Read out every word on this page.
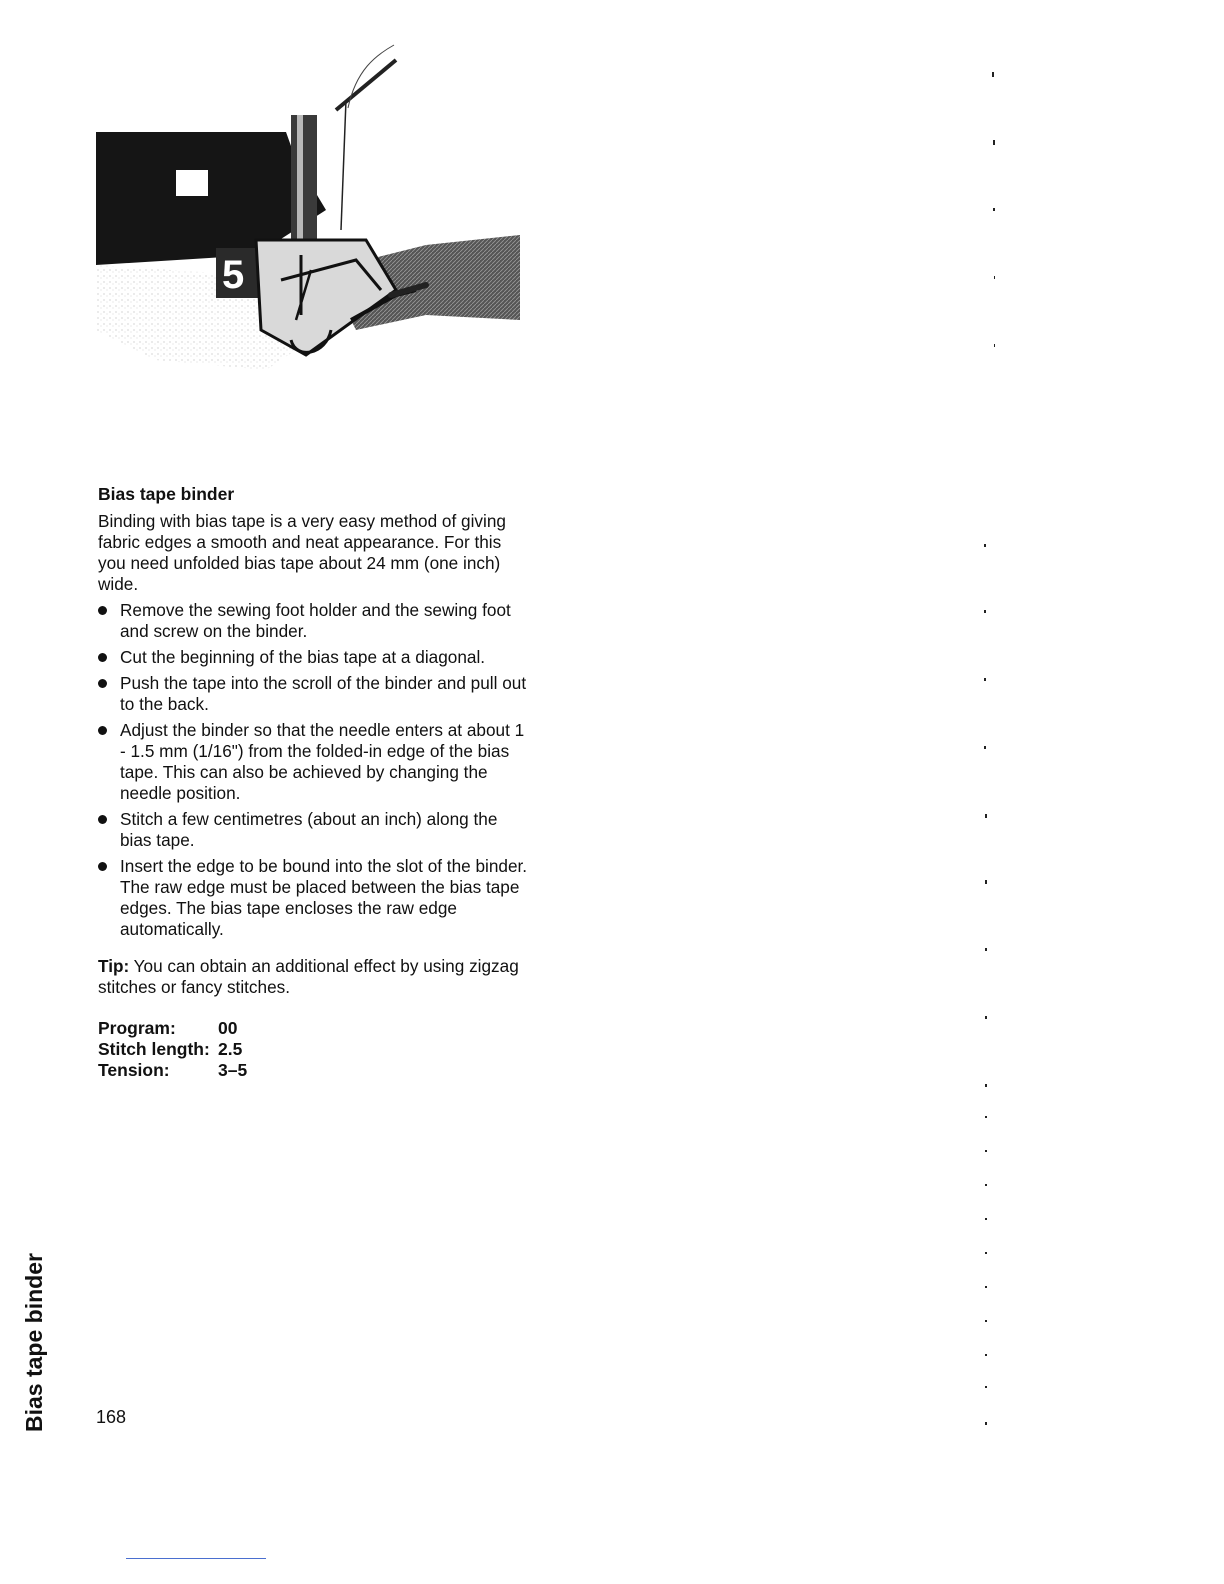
5
Bias tape binder
Binding with bias tape is a very easy method of giving fabric edges a smooth and neat appearance. For this you need unfolded bias tape about 24 mm (one inch) wide.
Remove the sewing foot holder and the sewing foot and screw on the binder.
Cut the beginning of the bias tape at a diagonal.
Push the tape into the scroll of the binder and pull out to the back.
Adjust the binder so that the needle enters at about 1 - 1.5 mm (1/16") from the folded-in edge of the bias tape. This can also be achieved by changing the needle position.
Stitch a few centimetres (about an inch) along the bias tape.
Insert the edge to be bound into the slot of the binder. The raw edge must be placed between the bias tape edges. The bias tape encloses the raw edge automatically.
Tip: You can obtain an additional effect by using zigzag stitches or fancy stitches.
Program:	00
Stitch length:	2.5
Tension:	3–5
168
Bias tape binder
